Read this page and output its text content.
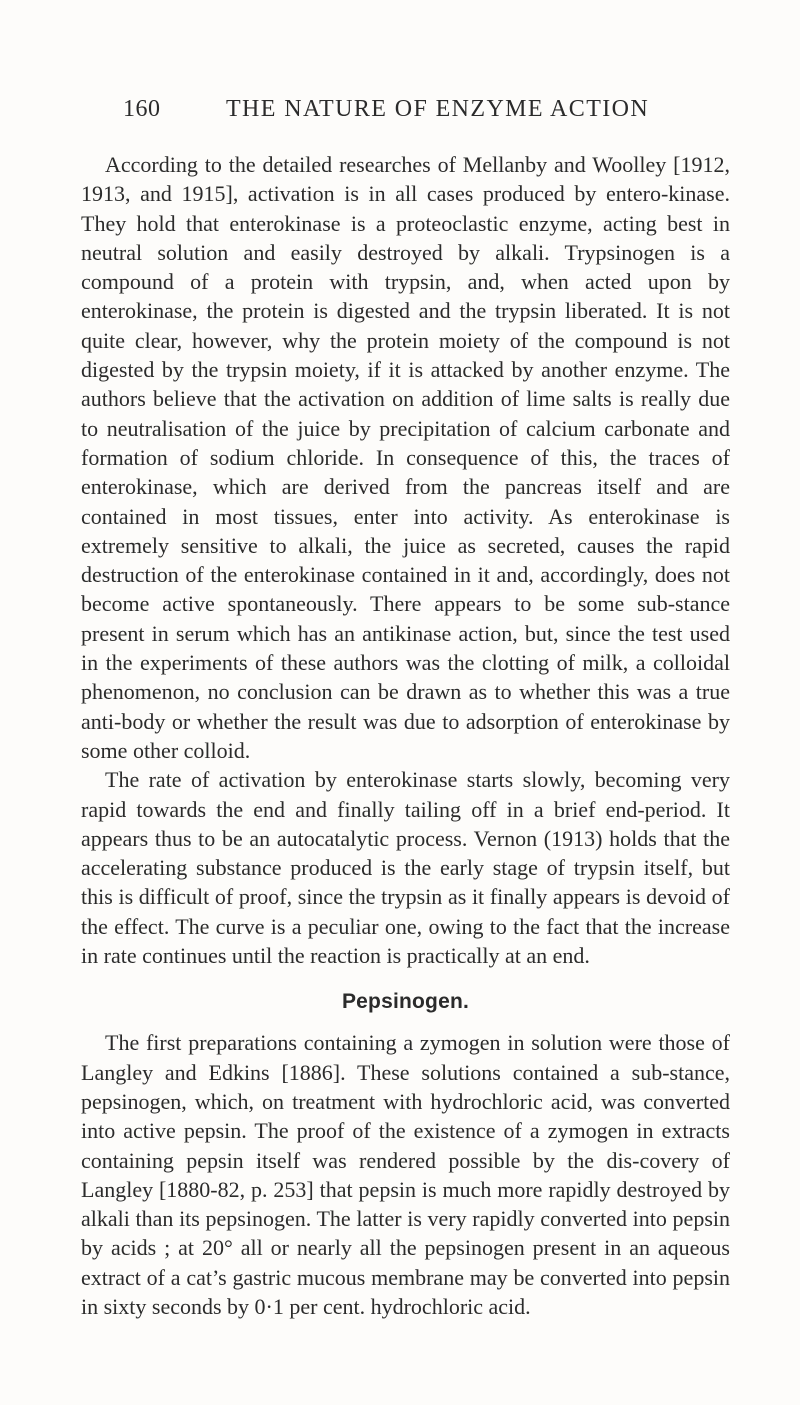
160	THE NATURE OF ENZYME ACTION

According to the detailed researches of Mellanby and Woolley [1912, 1913, and 1915], activation is in all cases produced by entero-kinase. They hold that enterokinase is a proteoclastic enzyme, acting best in neutral solution and easily destroyed by alkali. Trypsinogen is a compound of a protein with trypsin, and, when acted upon by enterokinase, the protein is digested and the trypsin liberated. It is not quite clear, however, why the protein moiety of the compound is not digested by the trypsin moiety, if it is attacked by another enzyme. The authors believe that the activation on addition of lime salts is really due to neutralisation of the juice by precipitation of calcium carbonate and formation of sodium chloride. In consequence of this, the traces of enterokinase, which are derived from the pancreas itself and are contained in most tissues, enter into activity. As enterokinase is extremely sensitive to alkali, the juice as secreted, causes the rapid destruction of the enterokinase contained in it and, accordingly, does not become active spontaneously. There appears to be some sub-stance present in serum which has an antikinase action, but, since the test used in the experiments of these authors was the clotting of milk, a colloidal phenomenon, no conclusion can be drawn as to whether this was a true anti-body or whether the result was due to adsorption of enterokinase by some other colloid.

The rate of activation by enterokinase starts slowly, becoming very rapid towards the end and finally tailing off in a brief end-period. It appears thus to be an autocatalytic process. Vernon (1913) holds that the accelerating substance produced is the early stage of trypsin itself, but this is difficult of proof, since the trypsin as it finally appears is devoid of the effect. The curve is a peculiar one, owing to the fact that the increase in rate continues until the reaction is practically at an end.

Pepsinogen.

The first preparations containing a zymogen in solution were those of Langley and Edkins [1886]. These solutions contained a sub-stance, pepsinogen, which, on treatment with hydrochloric acid, was converted into active pepsin. The proof of the existence of a zymogen in extracts containing pepsin itself was rendered possible by the dis-covery of Langley [1880-82, p. 253] that pepsin is much more rapidly destroyed by alkali than its pepsinogen. The latter is very rapidly converted into pepsin by acids ; at 20° all or nearly all the pepsinogen present in an aqueous extract of a cat’s gastric mucous membrane may be converted into pepsin in sixty seconds by 0·1 per cent. hydrochloric acid.
